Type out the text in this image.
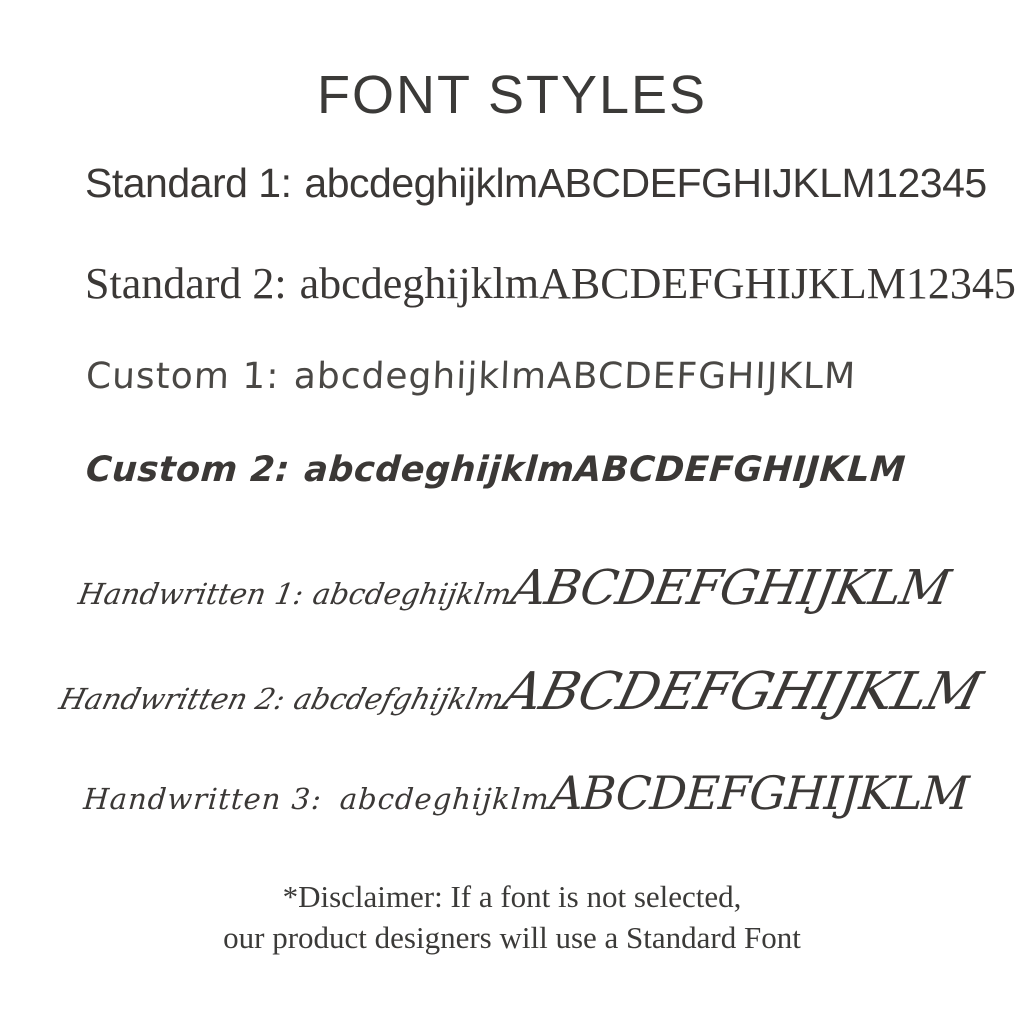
FONT STYLES
Standard 1: abcdeghijklmABCDEFGHIJKLM12345
Standard 2: abcdeghijklmABCDEFGHIJKLM12345
Custom 1: abcdeghijklmABCDEFGHIJKLM
Custom 2: abcdeghijklmABCDEFGHIJKLM
Handwritten 1: abcdeghijklmABCDEFGHIJKLM
Handwritten 2:abcdefghijklmABCDEFGHIJKLM
Handwritten 3: abcdeghijklmABCDEFGHIJKLM
*Disclaimer: If a font is not selected,
our product designers will use a Standard Font
